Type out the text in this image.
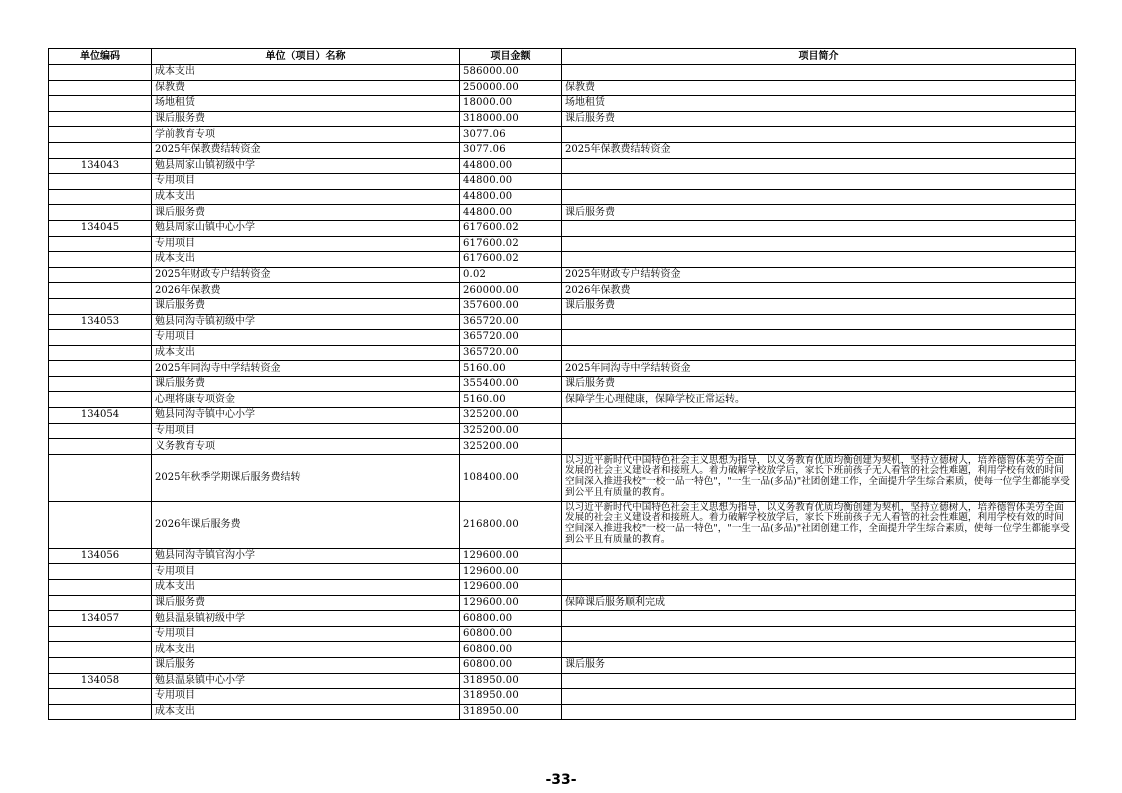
单位编码	单位（项目）名称	项目金额	项目简介
	成本支出	586000.00	
	保教费	250000.00	保教费
	场地租赁	18000.00	场地租赁
	课后服务费	318000.00	课后服务费
	学前教育专项	3077.06	
	2025年保教费结转资金	3077.06	2025年保教费结转资金
134043	勉县周家山镇初级中学	44800.00	
	专用项目	44800.00	
	成本支出	44800.00	
	课后服务费	44800.00	课后服务费
134045	勉县周家山镇中心小学	617600.02	
	专用项目	617600.02	
	成本支出	617600.02	
	2025年财政专户结转资金	0.02	2025年财政专户结转资金
	2026年保教费	260000.00	2026年保教费
	课后服务费	357600.00	课后服务费
134053	勉县同沟寺镇初级中学	365720.00	
	专用项目	365720.00	
	成本支出	365720.00	
	2025年同沟寺中学结转资金	5160.00	2025年同沟寺中学结转资金
	课后服务费	355400.00	课后服务费
	心理将康专项资金	5160.00	保障学生心理健康，保障学校正常运转。
134054	勉县同沟寺镇中心小学	325200.00	
	专用项目	325200.00	
	义务教育专项	325200.00	
	2025年秋季学期课后服务费结转	108400.00	以习近平新时代中国特色社会主义思想为指导，以义务教育优质均衡创建为契机，坚持立德树人，培养德智体美劳全面发展的社会主义建设者和接班人。着力破解学校放学后，家长下班前孩子无人看管的社会性难题，利用学校有效的时间空间深入推进我校"一校一品一特色"，"一生一品(多品)"社团创建工作，全面提升学生综合素质，使每一位学生都能享受到公平且有质量的教育。
	2026年课后服务费	216800.00	以习近平新时代中国特色社会主义思想为指导，以义务教育优质均衡创建为契机，坚持立德树人，培养德智体美劳全面发展的社会主义建设者和接班人。着力破解学校放学后，家长下班前孩子无人看管的社会性难题，利用学校有效的时间空间深入推进我校"一校一品一特色"，"一生一品(多品)"社团创建工作，全面提升学生综合素质，使每一位学生都能享受到公平且有质量的教育。
134056	勉县同沟寺镇官沟小学	129600.00	
	专用项目	129600.00	
	成本支出	129600.00	
	课后服务费	129600.00	保障课后服务顺利完成
134057	勉县温泉镇初级中学	60800.00	
	专用项目	60800.00	
	成本支出	60800.00	
	课后服务	60800.00	课后服务
134058	勉县温泉镇中心小学	318950.00	
	专用项目	318950.00	
	成本支出	318950.00	
-33-
